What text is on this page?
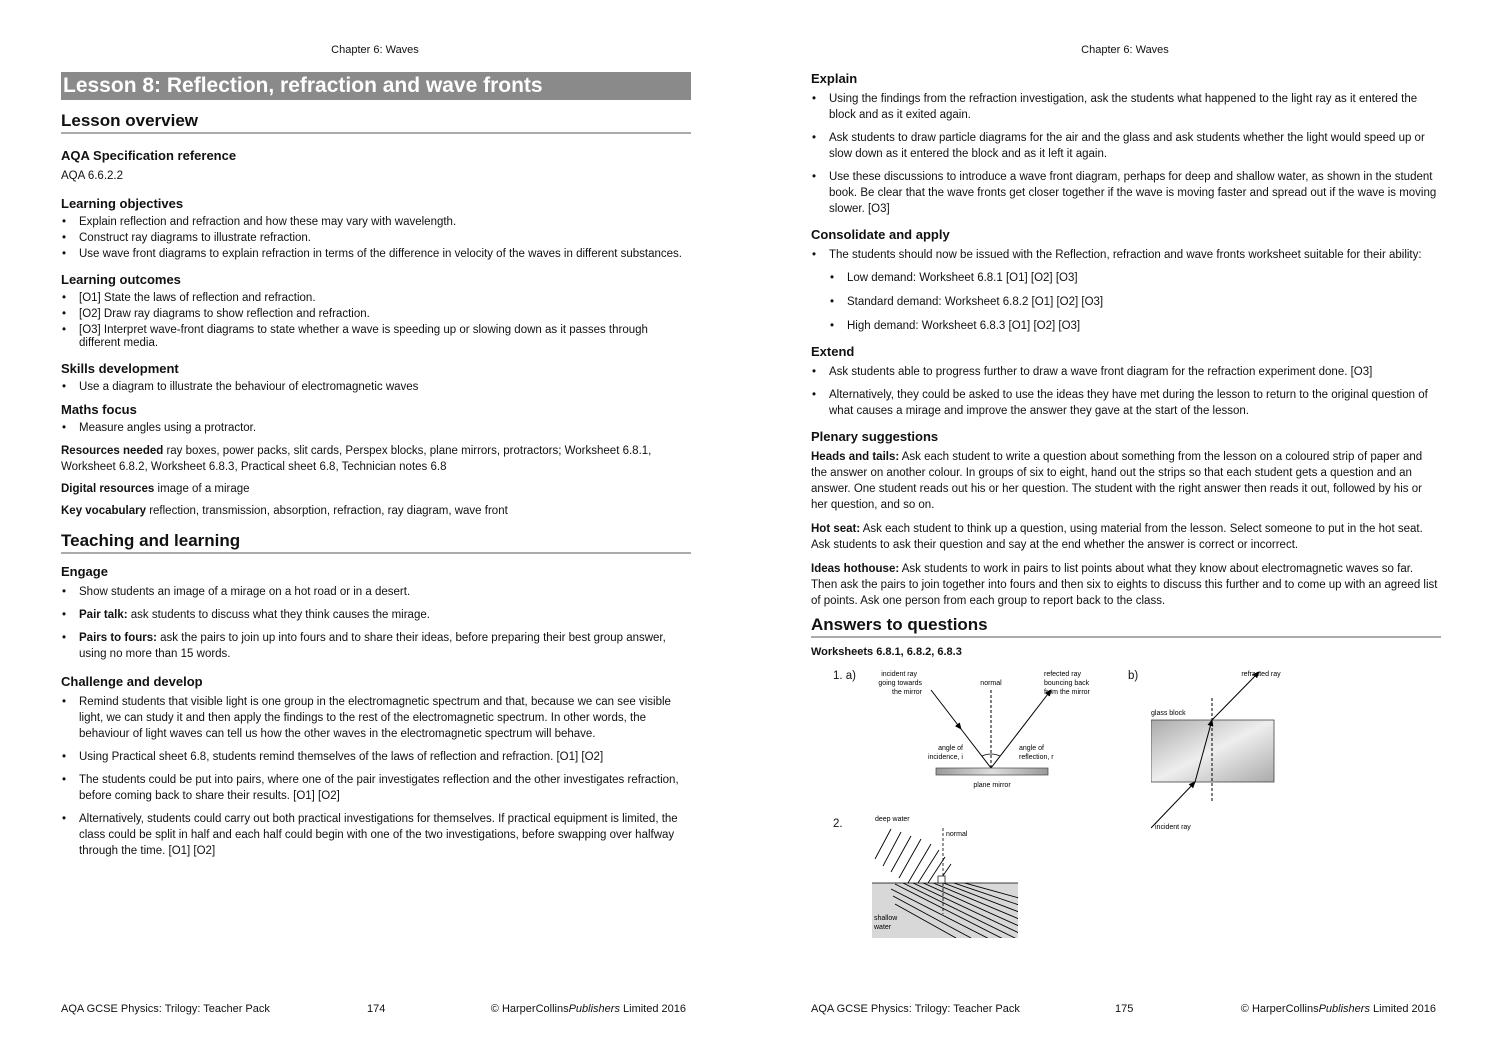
Chapter 6: Waves
Lesson 8: Reflection, refraction and wave fronts
Lesson overview
AQA Specification reference

AQA 6.6.2.2

Learning objectives
• Explain reflection and refraction and how these may vary with wavelength.
• Construct ray diagrams to illustrate refraction.
• Use wave front diagrams to explain refraction in terms of the difference in velocity of the waves in different substances.
Learning outcomes
• [O1] State the laws of reflection and refraction.
• [O2] Draw ray diagrams to show reflection and refraction.
• [O3] Interpret wave-front diagrams to state whether a wave is speeding up or slowing down as it passes through different media.
Skills development
• Use a diagram to illustrate the behaviour of electromagnetic waves
Maths focus
• Measure angles using a protractor.

Resources needed ray boxes, power packs, slit cards, Perspex blocks, plane mirrors, protractors; Worksheet 6.8.1, Worksheet 6.8.2, Worksheet 6.8.3, Practical sheet 6.8, Technician notes 6.8

Digital resources image of a mirage

Key vocabulary reflection, transmission, absorption, refraction, ray diagram, wave front

Teaching and learning
Engage
• Show students an image of a mirage on a hot road or in a desert.
• Pair talk: ask students to discuss what they think causes the mirage.
• Pairs to fours: ask the pairs to join up into fours and to share their ideas, before preparing their best group answer, using no more than 15 words.
Challenge and develop
• Remind students that visible light is one group in the electromagnetic spectrum and that, because we can see visible light, we can study it and then apply the findings to the rest of the electromagnetic spectrum. In other words, the behaviour of light waves can tell us how the other waves in the electromagnetic spectrum will behave.
• Using Practical sheet 6.8, students remind themselves of the laws of reflection and refraction. [O1] [O2]
• The students could be put into pairs, where one of the pair investigates reflection and the other investigates refraction, before coming back to share their results. [O1] [O2]
• Alternatively, students could carry out both practical investigations for themselves. If practical equipment is limited, the class could be split in half and each half could begin with one of the two investigations, before swapping over halfway through the time. [O1] [O2]
AQA GCSE Physics: Trilogy: Teacher Pack	174	© HarperCollinsPublishers Limited 2016
Chapter 6: Waves
Explain
• Using the findings from the refraction investigation, ask the students what happened to the light ray as it entered the block and as it exited again.
• Ask students to draw particle diagrams for the air and the glass and ask students whether the light would speed up or slow down as it entered the block and as it left it again.
• Use these discussions to introduce a wave front diagram, perhaps for deep and shallow water, as shown in the student book. Be clear that the wave fronts get closer together if the wave is moving faster and spread out if the wave is moving slower. [O3]
Consolidate and apply
• The students should now be issued with the Reflection, refraction and wave fronts worksheet suitable for their ability:
• Low demand: Worksheet 6.8.1 [O1] [O2] [O3]
• Standard demand: Worksheet 6.8.2 [O1] [O2] [O3]
• High demand: Worksheet 6.8.3 [O1] [O2] [O3]
Extend
• Ask students able to progress further to draw a wave front diagram for the refraction experiment done. [O3]
• Alternatively, they could be asked to use the ideas they have met during the lesson to return to the original question of what causes a mirage and improve the answer they gave at the start of the lesson.
Plenary suggestions

Heads and tails: Ask each student to write a question about something from the lesson on a coloured strip of paper and the answer on another colour. In groups of six to eight, hand out the strips so that each student gets a question and an answer. One student reads out his or her question. The student with the right answer then reads it out, followed by his or her question, and so on.

Hot seat: Ask each student to think up a question, using material from the lesson. Select someone to put in the hot seat. Ask students to ask their question and say at the end whether the answer is correct or incorrect.

Ideas hothouse: Ask students to work in pairs to list points about what they know about electromagnetic waves so far. Then ask the pairs to join together into fours and then six to eights to discuss this further and to come up with an agreed list of points. Ask one person from each group to report back to the class.

Answers to questions
Worksheets 6.8.1, 6.8.2, 6.8.3
1. a)	b)
2.
incident ray
going towards
the mirror
normal
refected ray
bouncing back
from the mirror
angle of
incidence, i
angle of
reflection, r
plane mirror
refracted ray
glass block
incident ray
deep water
normal
shallow
water
AQA GCSE Physics: Trilogy: Teacher Pack	175	© HarperCollinsPublishers Limited 2016
